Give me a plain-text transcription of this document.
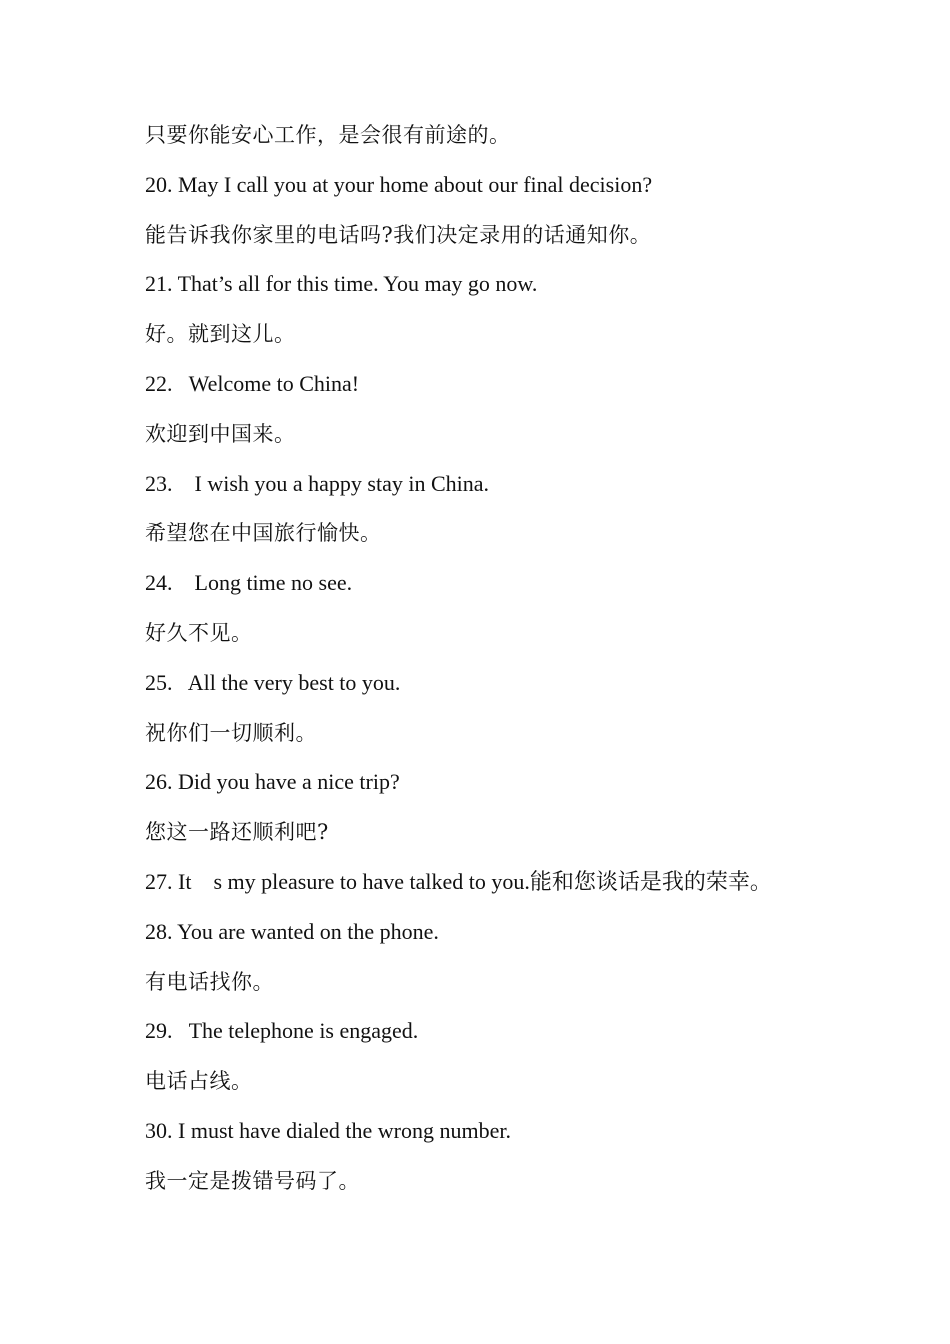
只要你能安心工作，是会很有前途的。
20. May I call you at your home about our final decision?
能告诉我你家里的电话吗?我们决定录用的话通知你。
21. That’s all for this time. You may go now.
好。就到这儿。
22.   Welcome to China!
欢迎到中国来。
23.    I wish you a happy stay in China.
希望您在中国旅行愉快。
24.    Long time no see.
好久不见。
25.   All the very best to you.
祝你们一切顺利。
26. Did you have a nice trip?
您这一路还顺利吧?
27. It    s my pleasure to have talked to you.能和您谈话是我的荣幸。
28. You are wanted on the phone.
有电话找你。
29.   The telephone is engaged.
电话占线。
30. I must have dialed the wrong number.
我一定是拨错号码了。
